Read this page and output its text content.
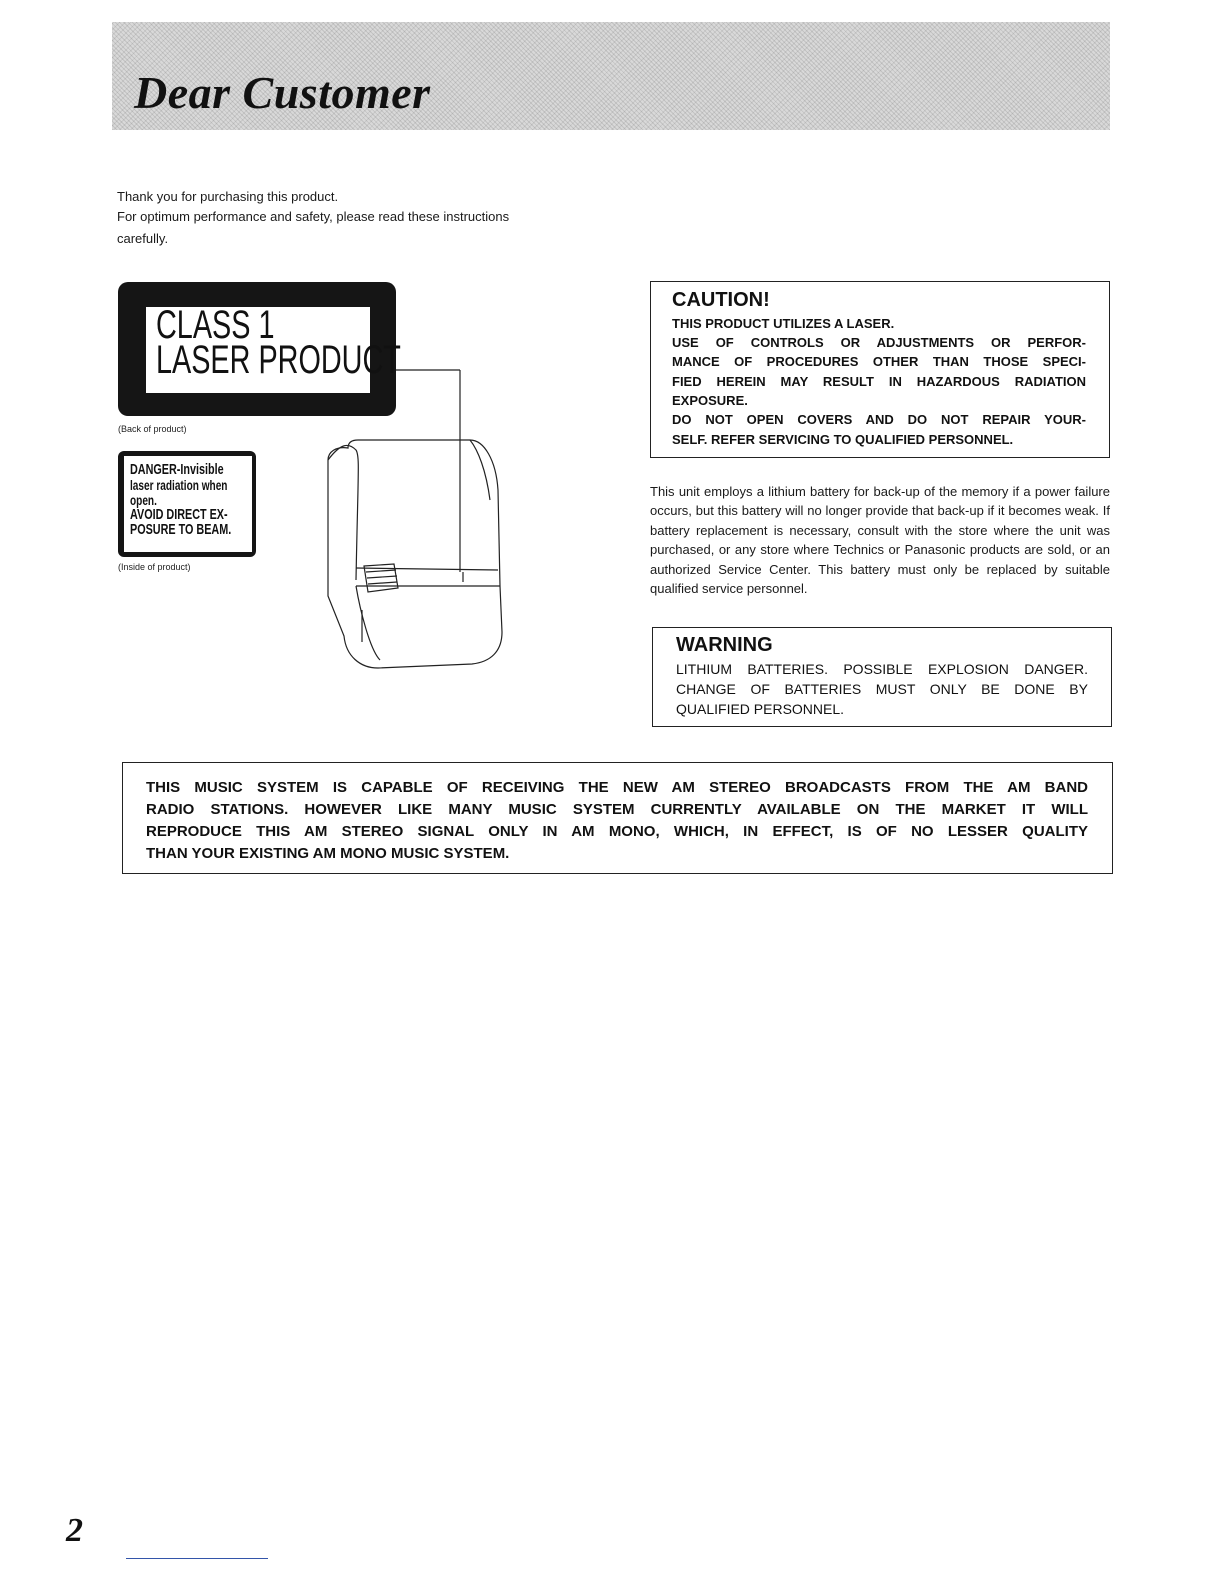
Dear Customer
Thank you for purchasing this product.
For optimum performance and safety, please read these instructions
carefully.
CLASS 1
LASER PRODUCT
(Back of product)
DANGER-Invisible
laser radiation when
open.
AVOID DIRECT EX-
POSURE TO BEAM.
(Inside of product)
CAUTION!
THIS PRODUCT UTILIZES A LASER.
USE OF CONTROLS OR ADJUSTMENTS OR PERFOR-
MANCE OF PROCEDURES OTHER THAN THOSE SPECI-
FIED HEREIN MAY RESULT IN HAZARDOUS RADIATION
EXPOSURE.
DO NOT OPEN COVERS AND DO NOT REPAIR YOUR-
SELF. REFER SERVICING TO QUALIFIED PERSONNEL.
This unit employs a lithium battery for back-up of the memory if a power failure occurs, but this battery will no longer provide that back-up if it becomes weak. If battery replacement is necessary, consult with the store where the unit was purchased, or any store where Technics or Panasonic products are sold, or an authorized Service Center. This battery must only be replaced by suitable qualified service personnel.
WARNING
LITHIUM BATTERIES. POSSIBLE EXPLOSION DANGER.
CHANGE OF BATTERIES MUST ONLY BE DONE BY
QUALIFIED PERSONNEL.
THIS MUSIC SYSTEM IS CAPABLE OF RECEIVING THE NEW AM STEREO BROADCASTS FROM THE AM BAND
RADIO STATIONS. HOWEVER LIKE MANY MUSIC SYSTEM CURRENTLY AVAILABLE ON THE MARKET IT WILL
REPRODUCE THIS AM STEREO SIGNAL ONLY IN AM MONO, WHICH, IN EFFECT, IS OF NO LESSER QUALITY
THAN YOUR EXISTING AM MONO MUSIC SYSTEM.
2
